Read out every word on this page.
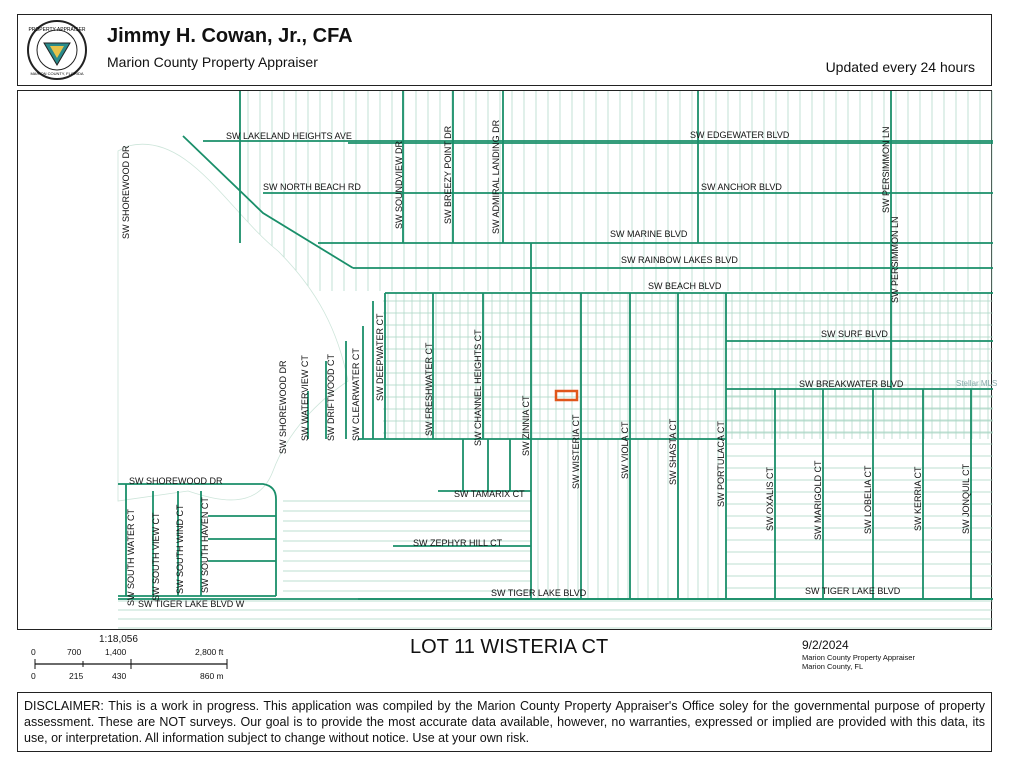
PROPERTY APPRAISER
MARION COUNTY, FLORIDA
Jimmy H. Cowan, Jr., CFA
Marion County Property Appraiser	Updated every 24 hours
SW LAKELAND HEIGHTS AVE	SW EDGEWATER BLVD
SW NORTH BEACH RD	SW ANCHOR BLVD
SW MARINE BLVD
SW RAINBOW LAKES BLVD
SW BEACH BLVD
SW SURF BLVD
SW BREAKWATER BLVD
SW SHOREWOOD DR
SW TAMARIX CT
SW ZEPHYR HILL CT
SW TIGER LAKE BLVD W
SW TIGER LAKE BLVD	SW TIGER LAKE BLVD
SW SHOREWOOD DR	SW SOUNDVIEW DR	SW BREEZY POINT DR	SW ADMIRAL LANDING DR	SW PERSIMMON LN
SW PERSIMMON LN
SW DEEPWATER CT	SW FRESHWATER CT	SW CHANNEL HEIGHTS CT
SW SHOREWOOD DR SW WATERVIEW CT SW DRIFTWOOD CT SW CLEARWATER CT	SW ZINNIA CT	SW WISTERIA CT	SW VIOLA CT	SW SHASTA CT	SW PORTULACA CT	SW OXALIS CT	SW MARIGOLD CT	SW LOBELIA CT	SW KERRIA CT	SW JONQUIL CT
SW SOUTH WATER CT SW SOUTH VIEW CT SW SOUTH WIND CT SW SOUTH HAVEN CT
Stellar MLS
1:18,056
0	700	1,400	2,800 ft
0	215	430	860 m
LOT 11 WISTERIA CT	9/2/2024
Marion County Property Appraiser
Marion County, FL
DISCLAIMER: This is a work in progress. This application was compiled by the Marion County Property Appraiser's Office soley for the governmental purpose of property assessment. These are NOT surveys. Our goal is to provide the most accurate data available, however, no warranties, expressed or implied are provided with this data, its use, or interpretation. All information subject to change without notice. Use at your own risk.
